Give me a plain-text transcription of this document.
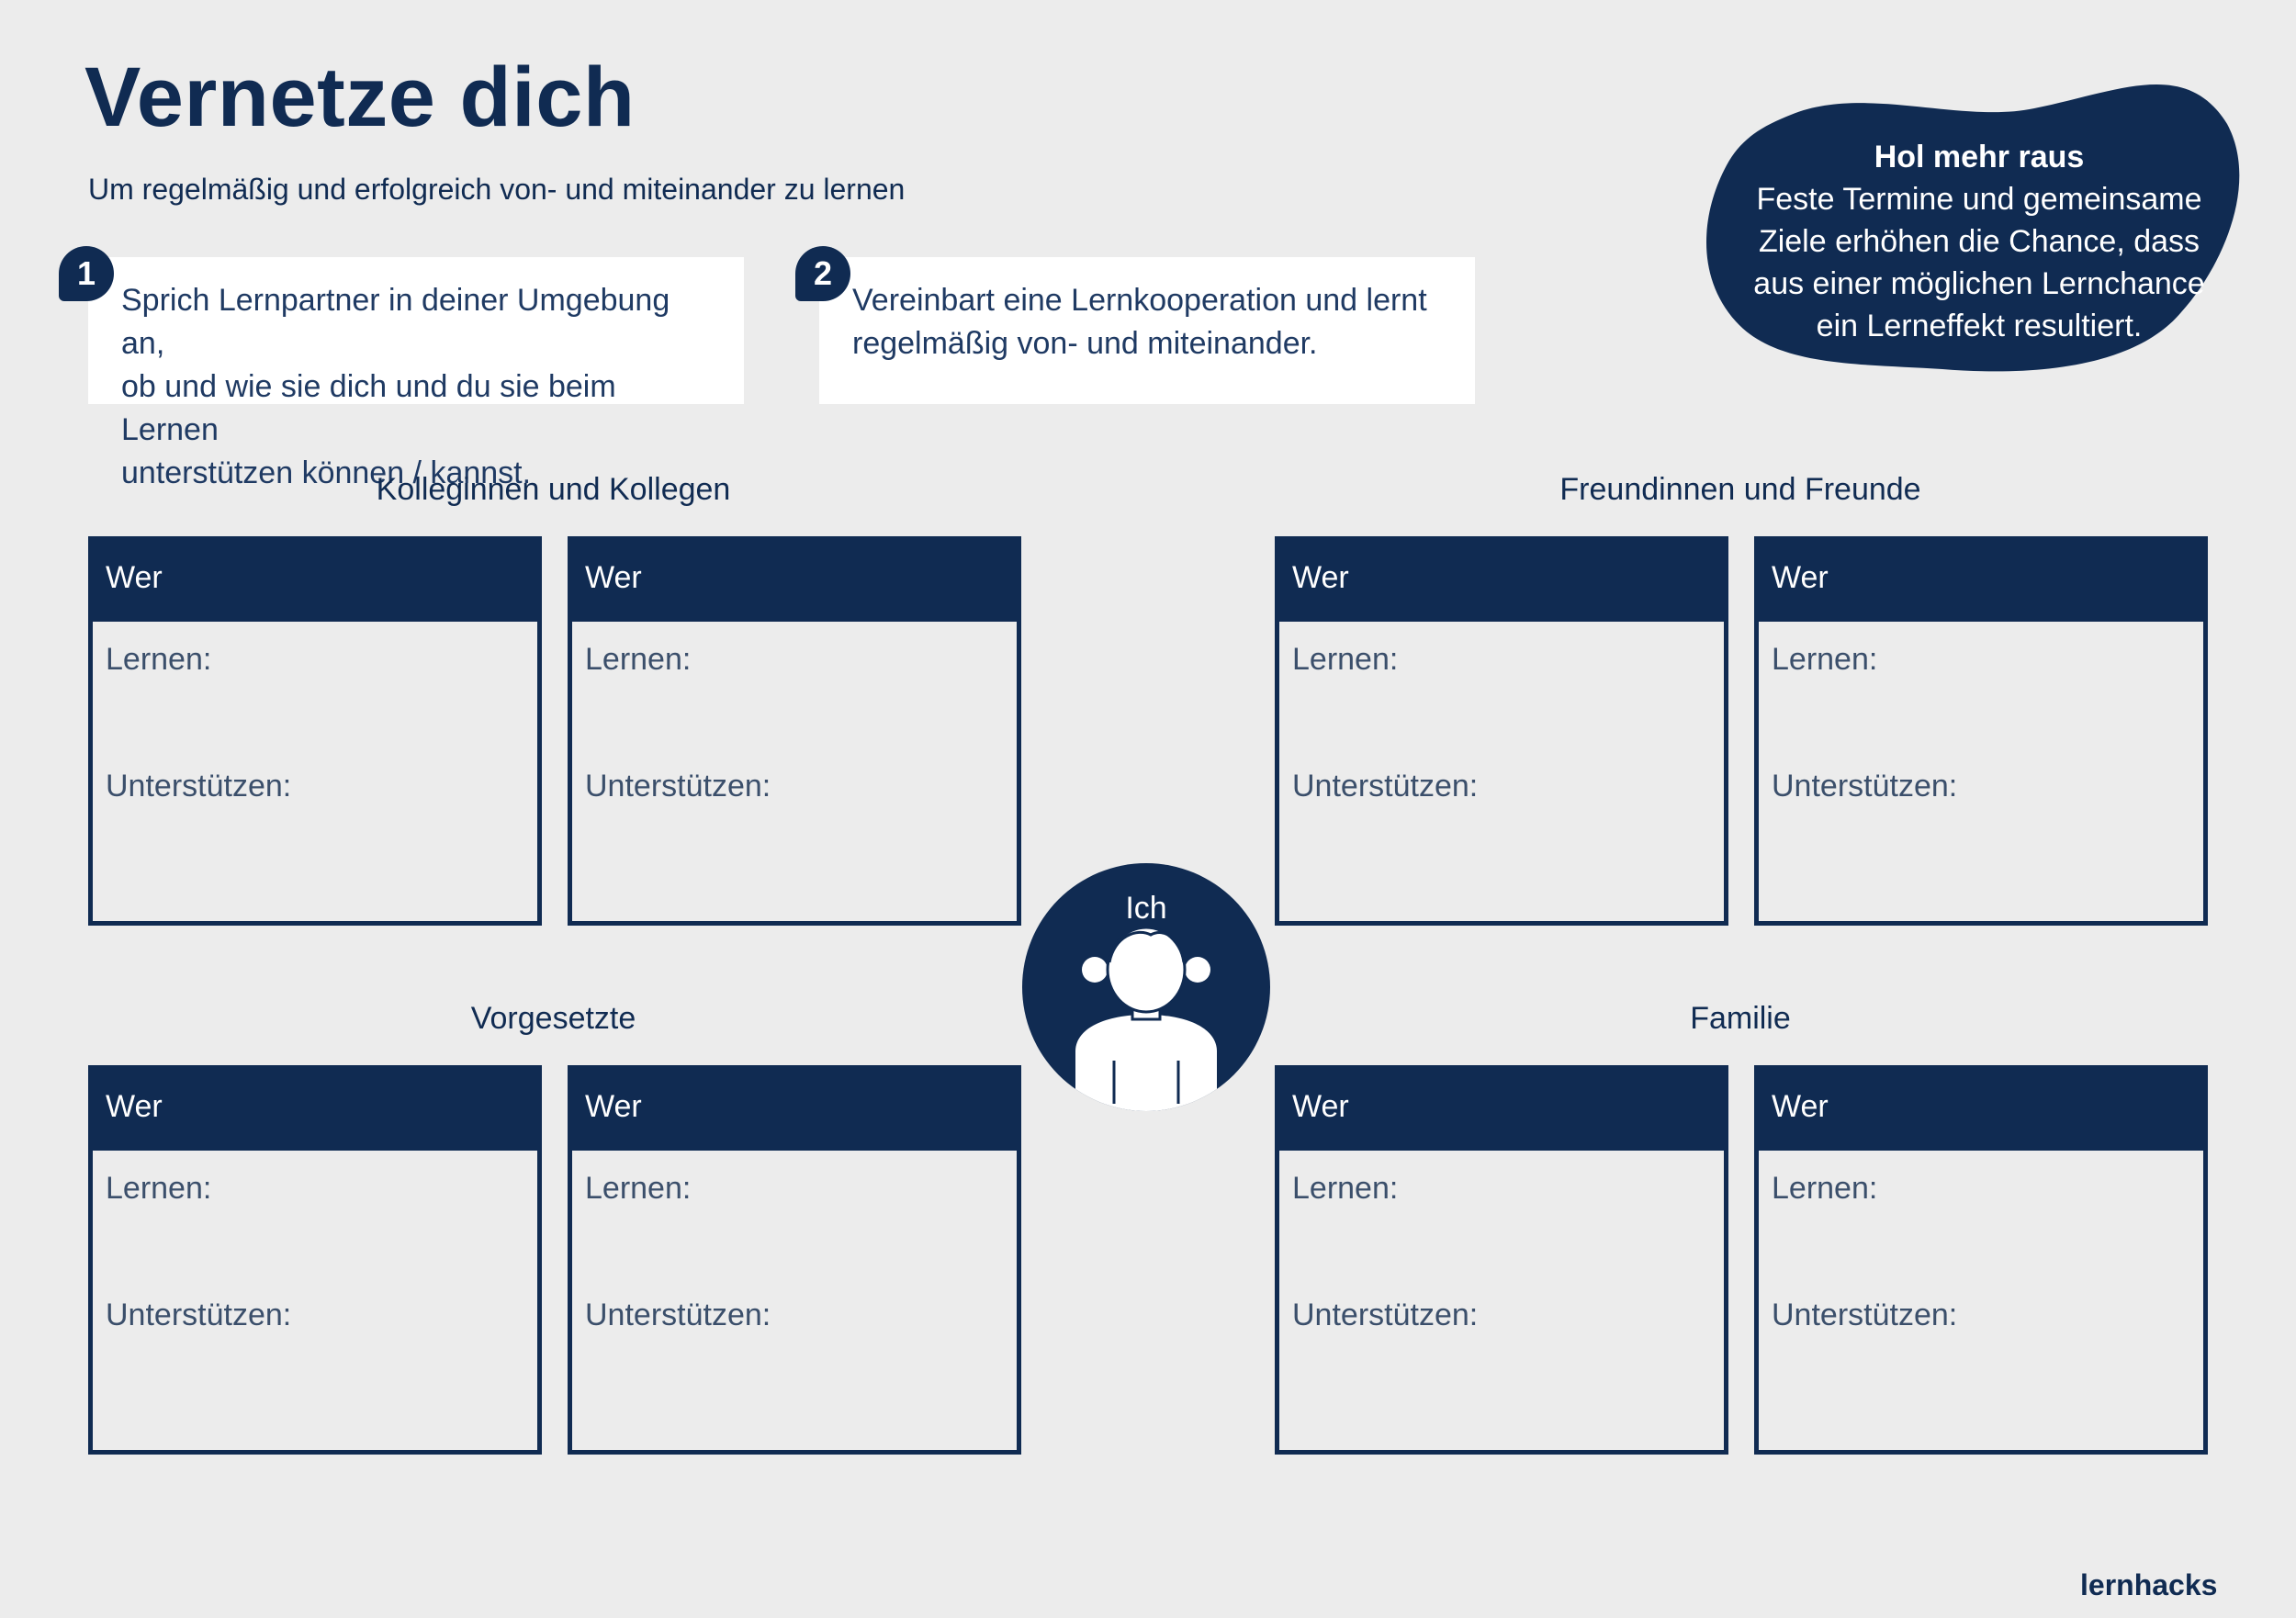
Vernetze dich
Um regelmäßig und erfolgreich von- und miteinander zu lernen
Sprich Lernpartner in deiner Umgebung an,
ob und wie sie dich und du sie beim Lernen
unterstützen können / kannst.
1
Vereinbart eine Lernkooperation und lernt
regelmäßig von- und miteinander.
2
Hol mehr raus
Feste Termine und gemeinsame
Ziele erhöhen die Chance, dass
aus einer möglichen Lernchance
ein Lerneffekt resultiert.
Kolleginnen und Kollegen	Freundinnen und Freunde
Vorgesetzte	Familie
Wer
Lernen:
Unterstützen:
Wer
Lernen:
Unterstützen:
Wer
Lernen:
Unterstützen:
Wer
Lernen:
Unterstützen:
Wer
Lernen:
Unterstützen:
Wer
Lernen:
Unterstützen:
Wer
Lernen:
Unterstützen:
Wer
Lernen:
Unterstützen:
Ich
lernhacks
